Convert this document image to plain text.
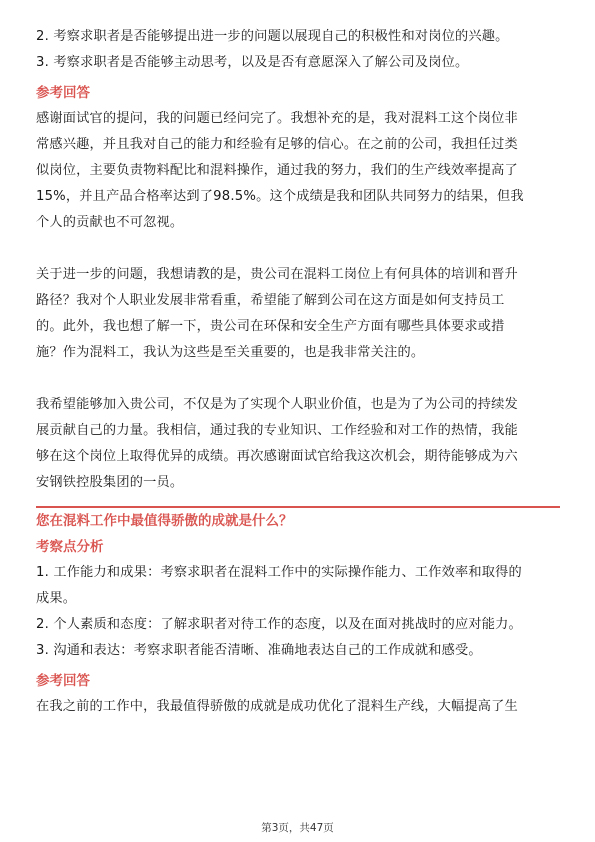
2. 考察求职者是否能够提出进一步的问题以展现自己的积极性和对岗位的兴趣。
3. 考察求职者是否能够主动思考，以及是否有意愿深入了解公司及岗位。
参考回答
感谢面试官的提问，我的问题已经问完了。我想补充的是，我对混料工这个岗位非
常感兴趣，并且我对自己的能力和经验有足够的信心。在之前的公司，我担任过类
似岗位，主要负责物料配比和混料操作，通过我的努力，我们的生产线效率提高了
15%，并且产品合格率达到了98.5%。这个成绩是我和团队共同努力的结果，但我
个人的贡献也不可忽视。
关于进一步的问题，我想请教的是，贵公司在混料工岗位上有何具体的培训和晋升
路径？我对个人职业发展非常看重，希望能了解到公司在这方面是如何支持员工
的。此外，我也想了解一下，贵公司在环保和安全生产方面有哪些具体要求或措
施？作为混料工，我认为这些是至关重要的，也是我非常关注的。
我希望能够加入贵公司，不仅是为了实现个人职业价值，也是为了为公司的持续发
展贡献自己的力量。我相信，通过我的专业知识、工作经验和对工作的热情，我能
够在这个岗位上取得优异的成绩。再次感谢面试官给我这次机会，期待能够成为六
安钢铁控股集团的一员。
您在混料工作中最值得骄傲的成就是什么？
考察点分析
1. 工作能力和成果：考察求职者在混料工作中的实际操作能力、工作效率和取得的
成果。
2. 个人素质和态度：了解求职者对待工作的态度，以及在面对挑战时的应对能力。
3. 沟通和表达：考察求职者能否清晰、准确地表达自己的工作成就和感受。
参考回答
在我之前的工作中，我最值得骄傲的成就是成功优化了混料生产线，大幅提高了生
第3页，共47页
